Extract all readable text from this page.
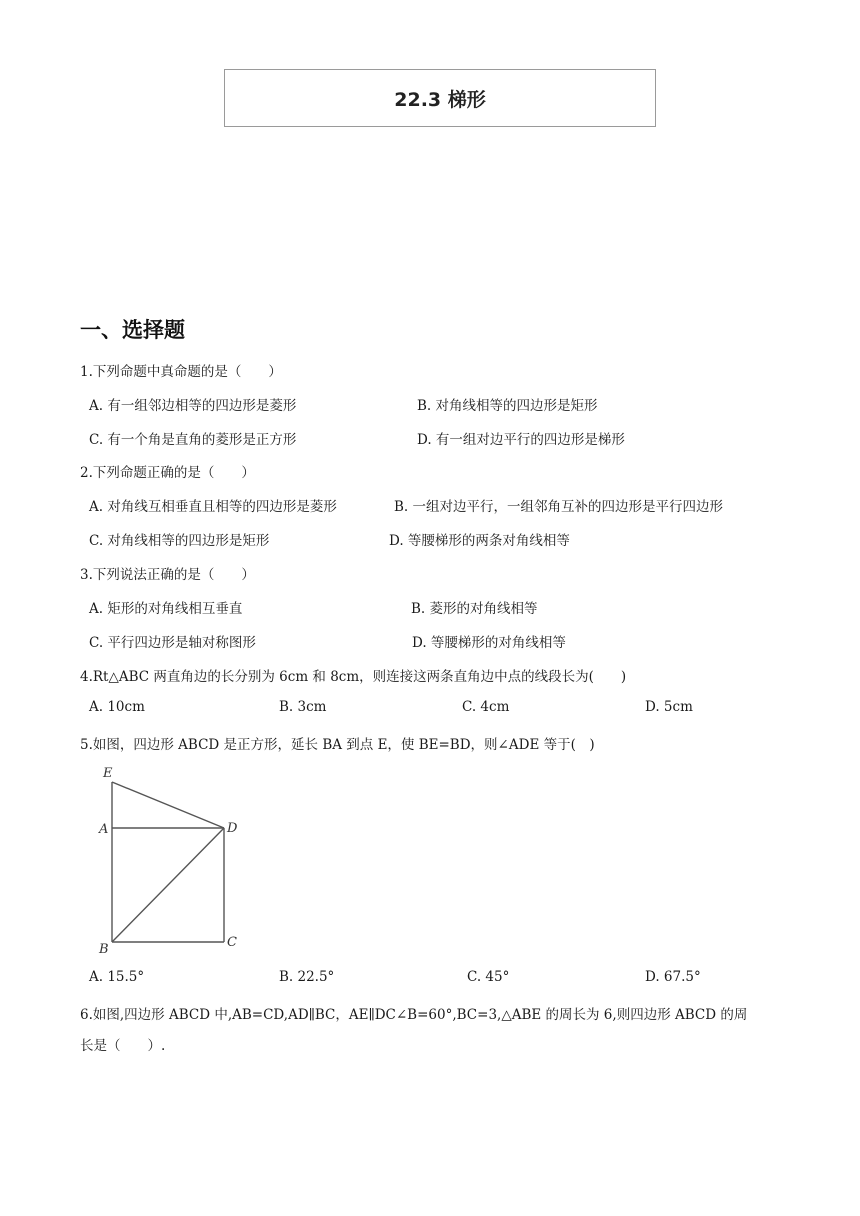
22.3 梯形
一、选择题
1.下列命题中真命题的是（　　）
A. 有一组邻边相等的四边形是菱形	B. 对角线相等的四边形是矩形
C. 有一个角是直角的菱形是正方形	D. 有一组对边平行的四边形是梯形
2.下列命题正确的是（　　）
A. 对角线互相垂直且相等的四边形是菱形	B. 一组对边平行，一组邻角互补的四边形是平行四边形
C. 对角线相等的四边形是矩形	D. 等腰梯形的两条对角线相等
3.下列说法正确的是（　　）
A. 矩形的对角线相互垂直	B. 菱形的对角线相等
C. 平行四边形是轴对称图形	D. 等腰梯形的对角线相等
4.Rt△ABC 两直角边的长分别为 6cm 和 8cm，则连接这两条直角边中点的线段长为(　　)
A. 10cm	B. 3cm	C. 4cm	D. 5cm
5.如图，四边形 ABCD 是正方形，延长 BA 到点 E，使 BE=BD，则∠ADE 等于(　)
E
A	D
B	C
A. 15.5°	B. 22.5°	C. 45°	D. 67.5°
6.如图,四边形 ABCD 中,AB=CD,AD∥BC，AE∥DC∠B=60°,BC=3,△ABE 的周长为 6,则四边形 ABCD 的周
长是（　　）.
